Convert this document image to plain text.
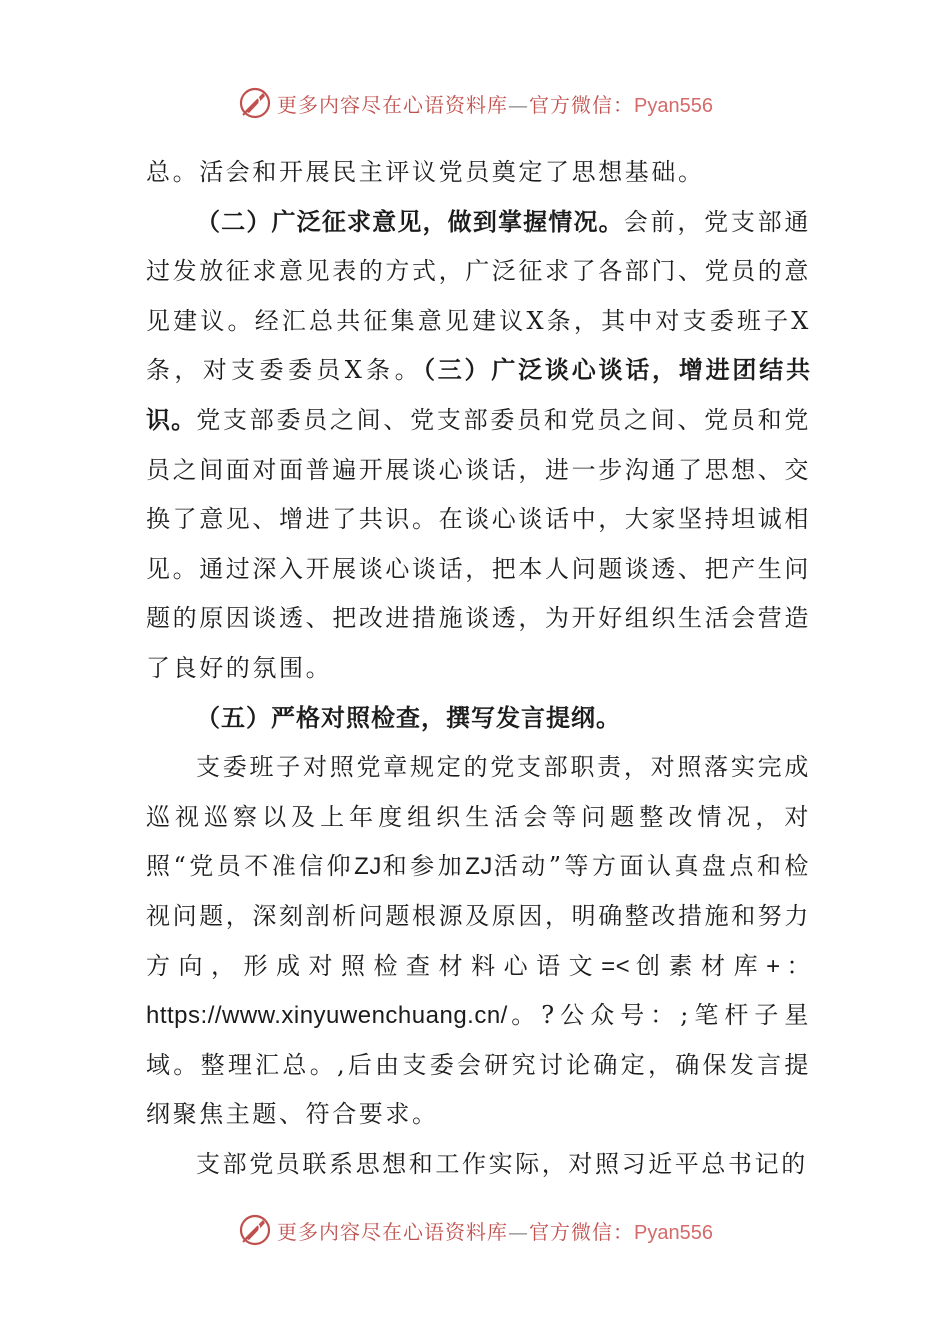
更多内容尽在心语资料库—官方微信：Pyan556

总。活会和开展民主评议党员奠定了思想基础。

（二）广泛征求意见，做到掌握情况。会前，党支部通过发放征求意见表的方式，广泛征求了各部门、党员的意见建议。经汇总共征集意见建议X条，其中对支委班子X条，对支委委员X条。（三）广泛谈心谈话，增进团结共识。党支部委员之间、党支部委员和党员之间、党员和党员之间面对面普遍开展谈心谈话，进一步沟通了思想、交换了意见、增进了共识。在谈心谈话中，大家坚持坦诚相见。通过深入开展谈心谈话，把本人问题谈透、把产生问题的原因谈透、把改进措施谈透，为开好组织生活会营造了良好的氛围。

（五）严格对照检查，撰写发言提纲。

支委班子对照党章规定的党支部职责，对照落实完成巡视巡察以及上年度组织生活会等问题整改情况，对照“党员不准信仰ZJ和参加ZJ活动”等方面认真盘点和检视问题，深刻剖析问题根源及原因，明确整改措施和努力方向，形成对照检查材料心语文=<创素材库+：https://www.xinyuwenchuang.cn/。?公众号：;笔杆子星域。整理汇总。,后由支委会研究讨论确定，确保发言提纲聚焦主题、符合要求。

支部党员联系思想和工作实际，对照习近平总书记的

更多内容尽在心语资料库—官方微信：Pyan556
